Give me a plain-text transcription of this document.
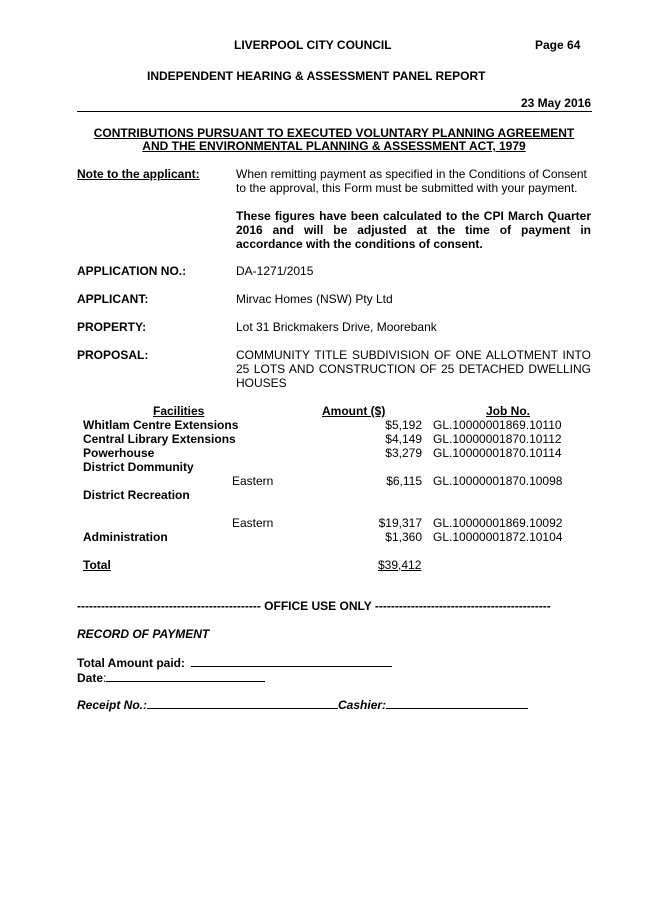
LIVERPOOL CITY COUNCIL	Page 64
INDEPENDENT HEARING & ASSESSMENT PANEL REPORT
23 May 2016
CONTRIBUTIONS PURSUANT TO EXECUTED VOLUNTARY PLANNING AGREEMENT
AND THE ENVIRONMENTAL PLANNING & ASSESSMENT ACT, 1979
Note to the applicant:	When remitting payment as specified in the Conditions of Consent to the approval, this Form must be submitted with your payment.
These figures have been calculated to the CPI March Quarter 2016 and will be adjusted at the time of payment in accordance with the conditions of consent.
APPLICATION NO.:	DA-1271/2015
APPLICANT:	Mirvac Homes (NSW) Pty Ltd
PROPERTY:	Lot 31 Brickmakers Drive, Moorebank
PROPOSAL:	COMMUNITY TITLE SUBDIVISION OF ONE ALLOTMENT INTO 25 LOTS AND CONSTRUCTION OF 25 DETACHED DWELLING HOUSES
Facilities	Amount ($)	Job No.
Whitlam Centre Extensions	$5,192 GL.10000001869.10110
Central Library Extensions	$4,149 GL.10000001870.10112
Powerhouse	$3,279 GL.10000001870.10114
District Dommunity
Eastern	$6,115 GL.10000001870.10098
District Recreation
Eastern	$19,317 GL.10000001869.10092
Administration	$1,360 GL.10000001872.10104
Total	$39,412
---------------------------------------------- OFFICE USE ONLY --------------------------------------------
RECORD OF PAYMENT
Total Amount paid:
Date:
Receipt No.:	Cashier:
